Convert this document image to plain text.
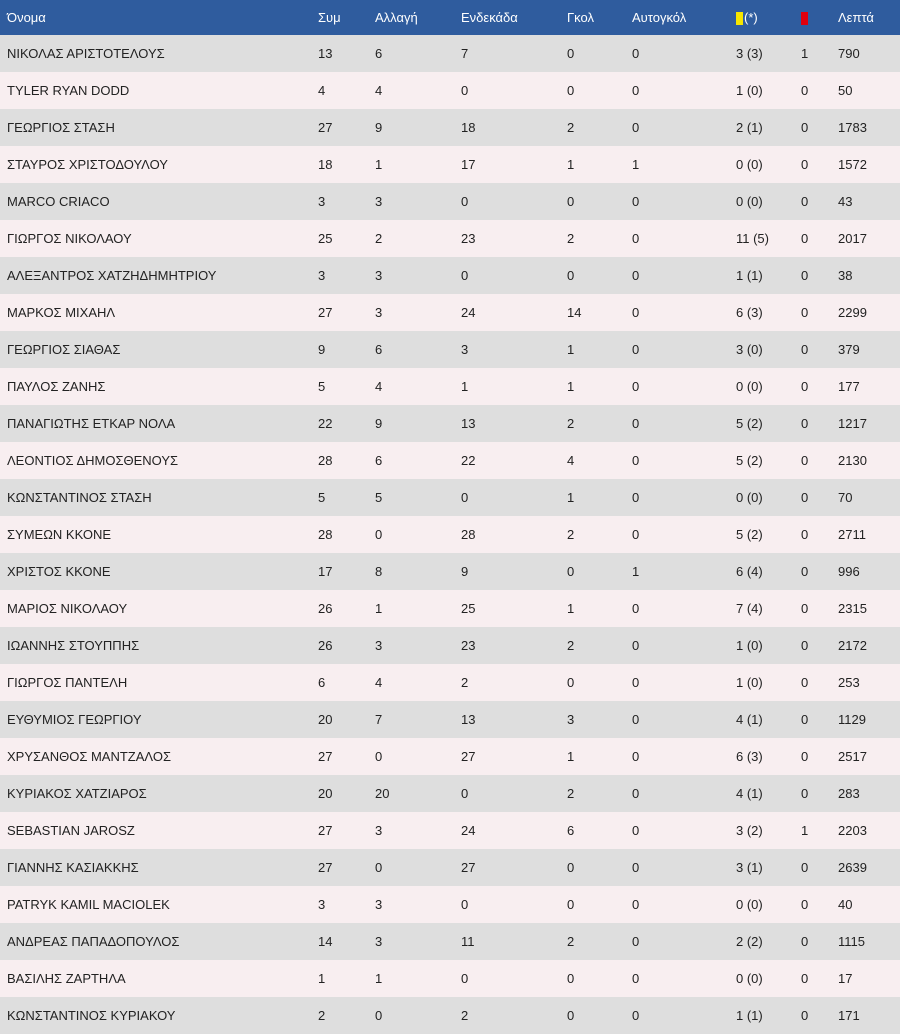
Όνομα	Συμ	Αλλαγή	Ενδεκάδα	Γκολ	Αυτογκόλ	(*)		Λεπτά
ΝΙΚΟΛΑΣ ΑΡΙΣΤΟΤΕΛΟΥΣ	13	6	7	0	0	3 (3)	1	790
TYLER RYAN DODD	4	4	0	0	0	1 (0)	0	50
ΓΕΩΡΓΙΟΣ ΣΤΑΣΗ	27	9	18	2	0	2 (1)	0	1783
ΣΤΑΥΡΟΣ ΧΡΙΣΤΟΔΟΥΛΟΥ	18	1	17	1	1	0 (0)	0	1572
MARCO CRIACO	3	3	0	0	0	0 (0)	0	43
ΓΙΩΡΓΟΣ ΝΙΚΟΛΑΟΥ	25	2	23	2	0	11 (5)	0	2017
ΑΛΕΞΑΝΤΡΟΣ ΧΑΤΖΗΔΗΜΗΤΡΙΟΥ	3	3	0	0	0	1 (1)	0	38
ΜΑΡΚΟΣ ΜΙΧΑΗΛ	27	3	24	14	0	6 (3)	0	2299
ΓΕΩΡΓΙΟΣ ΣΙΑΘΑΣ	9	6	3	1	0	3 (0)	0	379
ΠΑΥΛΟΣ ΖΑΝΗΣ	5	4	1	1	0	0 (0)	0	177
ΠΑΝΑΓΙΩΤΗΣ ΕΤΚΑΡ ΝΟΛΑ	22	9	13	2	0	5 (2)	0	1217
ΛΕΟΝΤΙΟΣ ΔΗΜΟΣΘΕΝΟΥΣ	28	6	22	4	0	5 (2)	0	2130
ΚΩΝΣΤΑΝΤΙΝΟΣ ΣΤΑΣΗ	5	5	0	1	0	0 (0)	0	70
ΣΥΜΕΩΝ ΚΚΟΝΕ	28	0	28	2	0	5 (2)	0	2711
ΧΡΙΣΤΟΣ ΚΚΟΝΕ	17	8	9	0	1	6 (4)	0	996
ΜΑΡΙΟΣ ΝΙΚΟΛΑΟΥ	26	1	25	1	0	7 (4)	0	2315
ΙΩΑΝΝΗΣ ΣΤΟΥΠΠΗΣ	26	3	23	2	0	1 (0)	0	2172
ΓΙΩΡΓΟΣ ΠΑΝΤΕΛΗ	6	4	2	0	0	1 (0)	0	253
ΕΥΘΥΜΙΟΣ ΓΕΩΡΓΙΟΥ	20	7	13	3	0	4 (1)	0	1129
ΧΡΥΣΑΝΘΟΣ ΜΑΝΤΖΑΛΟΣ	27	0	27	1	0	6 (3)	0	2517
ΚΥΡΙΑΚΟΣ ΧΑΤΖΙΑΡΟΣ	20	20	0	2	0	4 (1)	0	283
SEBASTIAN JAROSZ	27	3	24	6	0	3 (2)	1	2203
ΓΙΑΝΝΗΣ ΚΑΣΙΑΚΚΗΣ	27	0	27	0	0	3 (1)	0	2639
PATRYK KAMIL MACIOLEK	3	3	0	0	0	0 (0)	0	40
ΑΝΔΡΕΑΣ ΠΑΠΑΔΟΠΟΥΛΟΣ	14	3	11	2	0	2 (2)	0	1115
ΒΑΣΙΛΗΣ ΖΑΡΤΗΛΑ	1	1	0	0	0	0 (0)	0	17
ΚΩΝΣΤΑΝΤΙΝΟΣ ΚΥΡΙΑΚΟΥ	2	0	2	0	0	1 (1)	0	171
